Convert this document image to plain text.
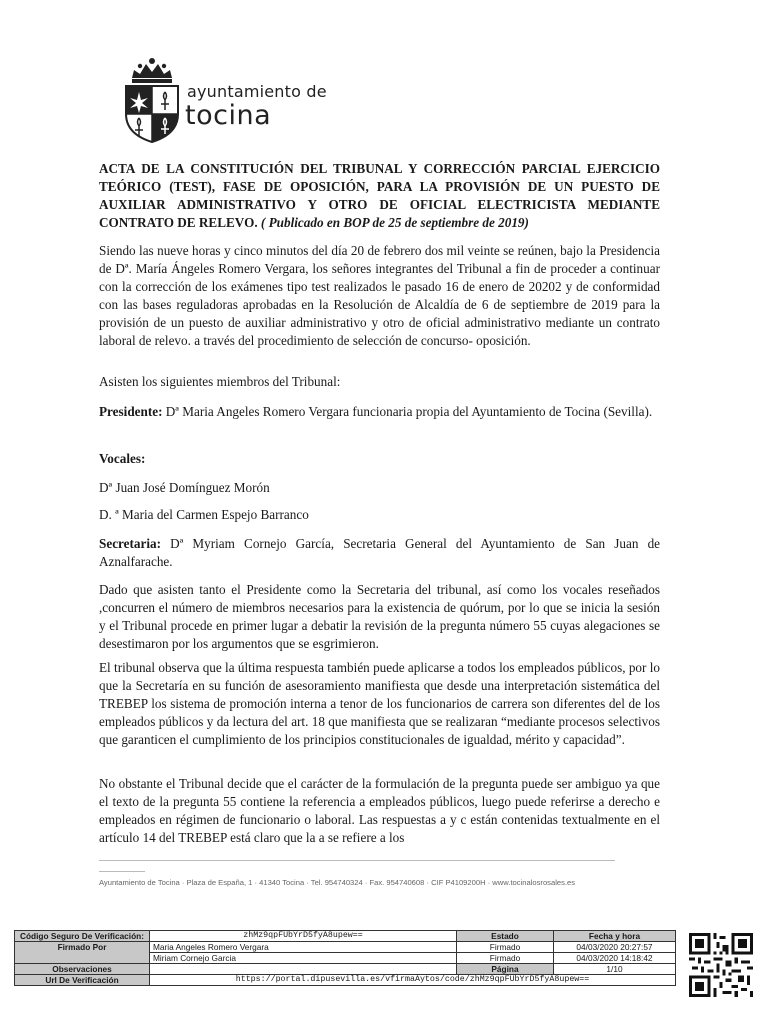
ayuntamiento de
tocina
ACTA DE LA CONSTITUCIÓN DEL TRIBUNAL Y CORRECCIÓN PARCIAL EJERCICIO TEÓRICO (TEST), FASE DE OPOSICIÓN, PARA LA PROVISIÓN DE UN PUESTO DE AUXILIAR ADMINISTRATIVO Y OTRO DE OFICIAL ELECTRICISTA MEDIANTE CONTRATO DE RELEVO. ( Publicado en BOP de 25 de septiembre de 2019)
Siendo las nueve horas y cinco minutos del día 20 de febrero dos mil veinte se reúnen, bajo la Presidencia de Dª. María Ángeles Romero Vergara, los señores integrantes del Tribunal a fin de proceder a continuar con la corrección de los exámenes tipo test realizados le pasado 16 de enero de 20202 y de conformidad con las bases reguladoras aprobadas en la Resolución de Alcaldía de 6 de septiembre de 2019 para la provisión de un puesto de auxiliar administrativo y otro de oficial administrativo mediante un contrato laboral de relevo. a través del procedimiento de selección de concurso- oposición.
Asisten los siguientes miembros del Tribunal:
Presidente: Dª Maria Angeles Romero Vergara funcionaria propia del Ayuntamiento de Tocina (Sevilla).
Vocales:
Dª Juan José Domínguez Morón
D. ª Maria del Carmen Espejo Barranco
Secretaria: Dª Myriam Cornejo García, Secretaria General del Ayuntamiento de San Juan de Aznalfarache.
Dado que asisten tanto el Presidente como la Secretaria del tribunal, así como los vocales reseñados ,concurren el número de miembros necesarios para la existencia de quórum, por lo que se inicia la sesión y el Tribunal procede en primer lugar a debatir la revisión de la pregunta número 55 cuyas alegaciones se desestimaron por los argumentos que se esgrimieron.
El tribunal observa que la última respuesta también puede aplicarse a todos los empleados públicos, por lo que la Secretaría en su función de asesoramiento manifiesta que desde una interpretación sistemática del TREBEP los sistema de promoción interna a tenor de los funcionarios de carrera son diferentes del de los empleados públicos y da lectura del art. 18 que manifiesta que se realizaran “mediante procesos selectivos que garanticen el cumplimiento de los principios constitucionales de igualdad, mérito y capacidad”.
No obstante el Tribunal decide que el carácter de la formulación de la pregunta puede ser ambiguo ya que el texto de la pregunta 55 contiene la referencia a empleados públicos, luego puede referirse a derecho e empleados en régimen de funcionario o laboral. Las respuestas a y c están contenidas textualmente en el artículo 14 del TREBEP está claro que la a se refiere a los
Ayuntamiento de Tocina · Plaza de España, 1 · 41340 Tocina · Tel. 954740324 · Fax. 954740608 · CIF P4109200H · www.tocinalosrosales.es
Código Seguro De Verificación:	zhMz9qpFUbYrD5fyA8upew==	Estado	Fecha y hora
Firmado Por	Maria Angeles Romero Vergara	Firmado	04/03/2020 20:27:57
	Miriam Cornejo Garcia	Firmado	04/03/2020 14:18:42
Observaciones		Página	1/10
Url De Verificación	https://portal.dipusevilla.es/vfirmaAytos/code/zhMz9qpFUbYrD5fyA8upew==		
